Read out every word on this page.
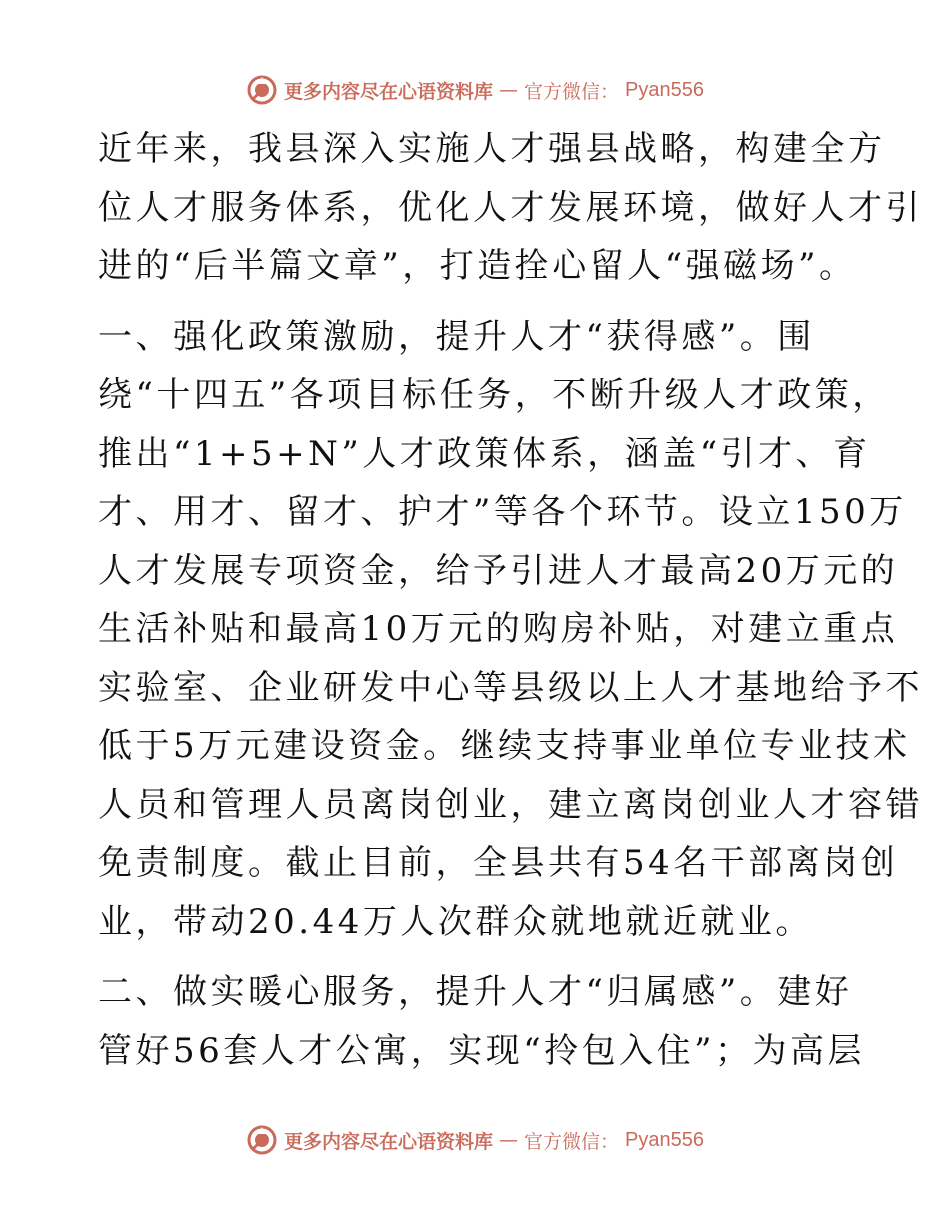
更多内容尽在心语资料库 — 官方微信： Pyan556
近年来，我县深入实施人才强县战略，构建全方
位人才服务体系，优化人才发展环境，做好人才引
进的“后半篇文章”，打造拴心留人“强磁场”。
一、强化政策激励，提升人才“获得感”。围
绕“十四五”各项目标任务，不断升级人才政策，
推出“1+5+N”人才政策体系，涵盖“引才、育
才、用才、留才、护才”等各个环节。设立150万
人才发展专项资金，给予引进人才最高20万元的
生活补贴和最高10万元的购房补贴，对建立重点
实验室、企业研发中心等县级以上人才基地给予不
低于5万元建设资金。继续支持事业单位专业技术
人员和管理人员离岗创业，建立离岗创业人才容错
免责制度。截止目前，全县共有54名干部离岗创
业，带动20.44万人次群众就地就近就业。
二、做实暖心服务，提升人才“归属感”。建好
管好56套人才公寓，实现“拎包入住”；为高层
更多内容尽在心语资料库 — 官方微信： Pyan556
